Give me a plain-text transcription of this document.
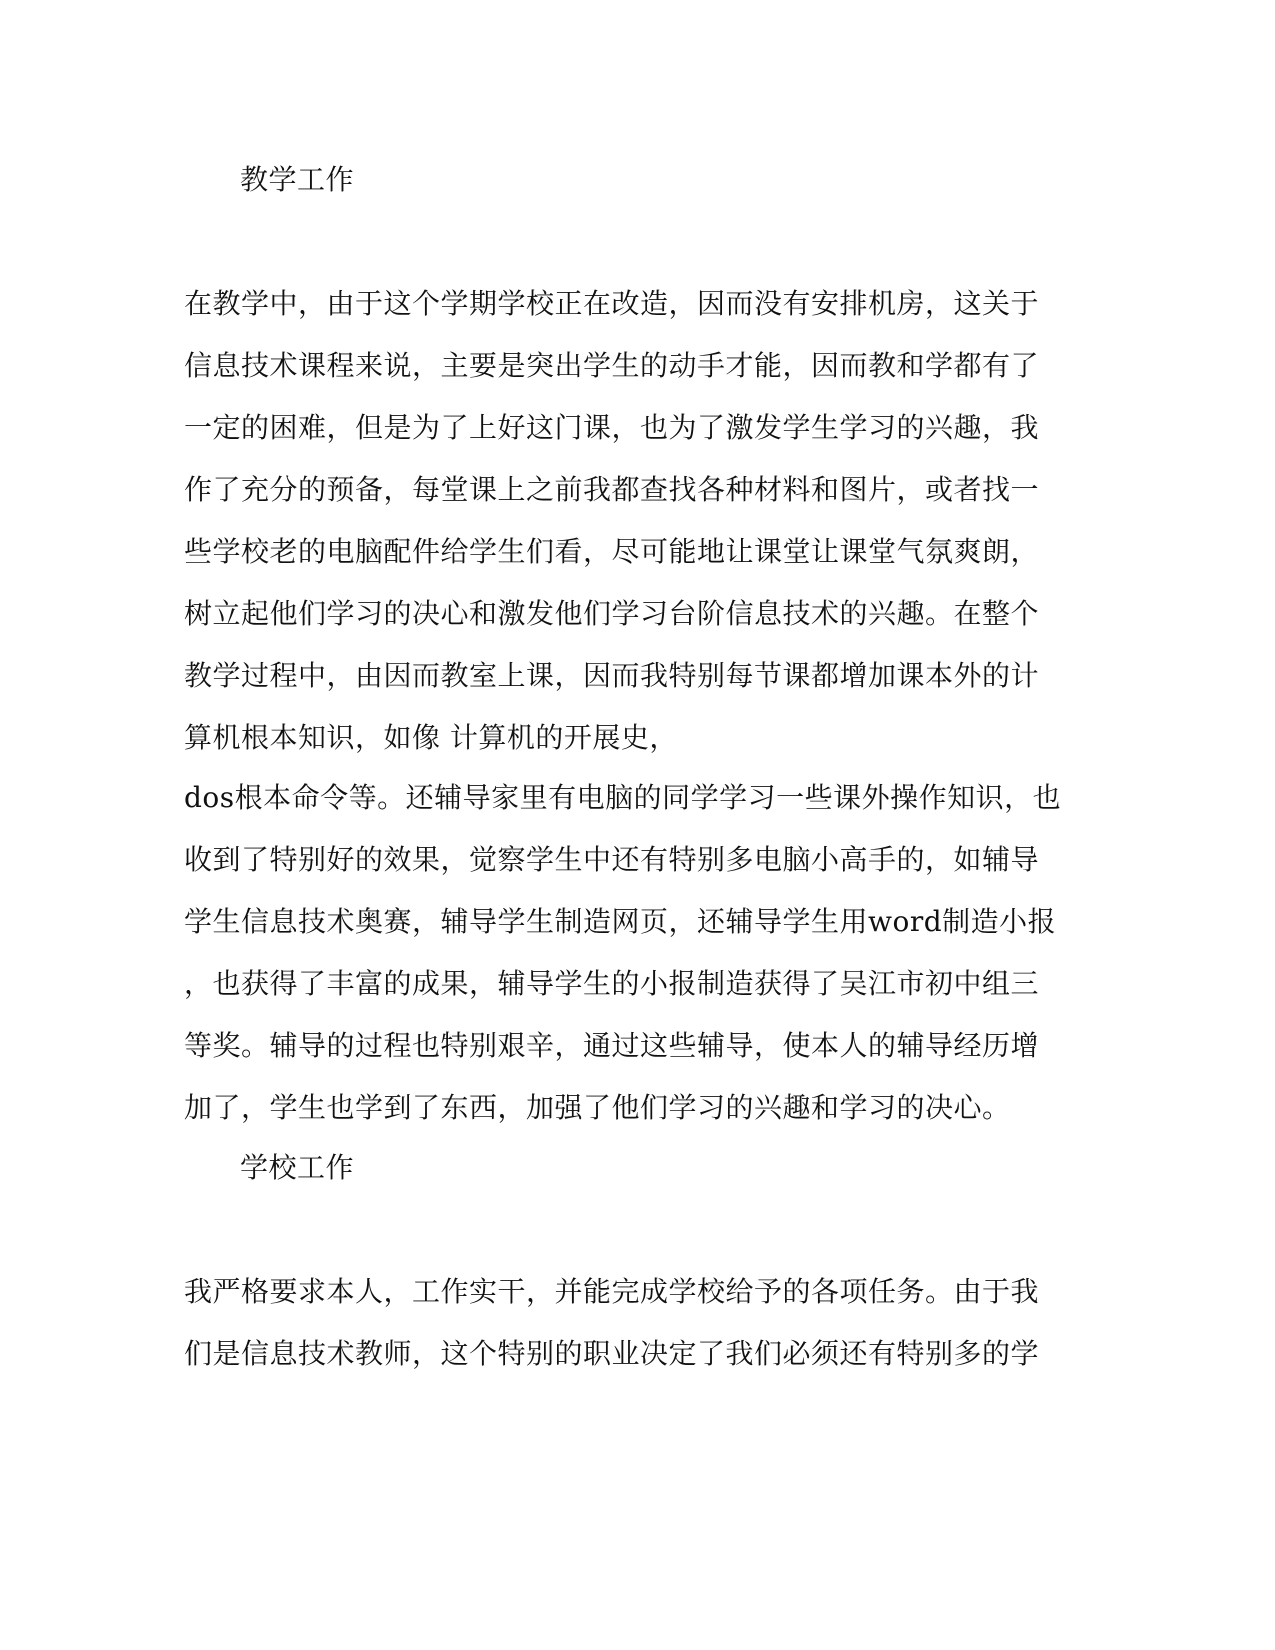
教学工作
在教学中，由于这个学期学校正在改造，因而没有安排机房，这关于
信息技术课程来说，主要是突出学生的动手才能，因而教和学都有了
一定的困难，但是为了上好这门课，也为了激发学生学习的兴趣，我
作了充分的预备，每堂课上之前我都查找各种材料和图片，或者找一
些学校老的电脑配件给学生们看，尽可能地让课堂让课堂气氛爽朗，
树立起他们学习的决心和激发他们学习台阶信息技术的兴趣。在整个
教学过程中，由因而教室上课，因而我特别每节课都增加课本外的计
算机根本知识，如像 计算机的开展史，
dos根本命令等。还辅导家里有电脑的同学学习一些课外操作知识，也
收到了特别好的效果，觉察学生中还有特别多电脑小高手的，如辅导
学生信息技术奥赛，辅导学生制造网页，还辅导学生用word制造小报
，也获得了丰富的成果，辅导学生的小报制造获得了吴江市初中组三
等奖。辅导的过程也特别艰辛，通过这些辅导，使本人的辅导经历增
加了，学生也学到了东西，加强了他们学习的兴趣和学习的决心。
学校工作
我严格要求本人，工作实干，并能完成学校给予的各项任务。由于我
们是信息技术教师，这个特别的职业决定了我们必须还有特别多的学
